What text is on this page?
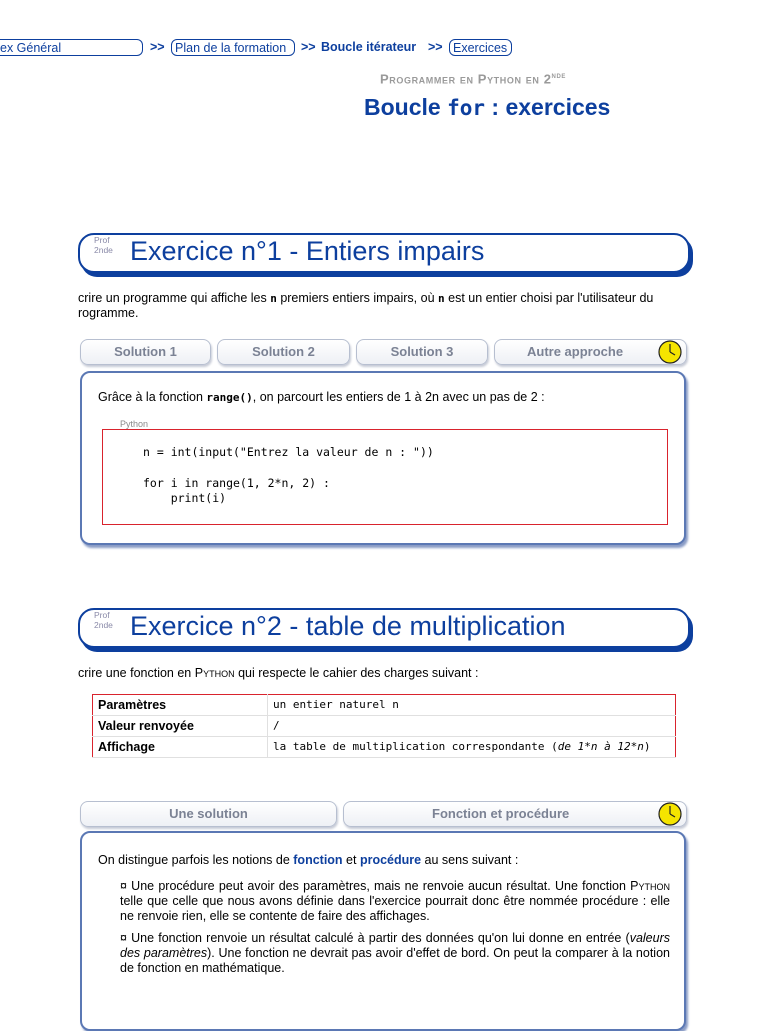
ex Général	>> Plan de la formation	>> Boucle itérateur >> Exercices
Programmer en Python en 2nde
Boucle for : exercices
Prof
2nde Exercice n°1 - Entiers impairs
crire un programme qui affiche les n premiers entiers impairs, où n est un entier choisi par l'utilisateur du
rogramme.
Solution 1	Solution 2	Solution 3	Autre approche
Grâce à la fonction range(), on parcourt les entiers de 1 à 2n avec un pas de 2 :
Python
n = int(input("Entrez la valeur de n : "))
for i in range(1, 2*n, 2) :
print(i)
Prof
2nde Exercice n°2 - table de multiplication
crire une fonction en Python qui respecte le cahier des charges suivant :
Paramètres	un entier naturel n
Valeur renvoyée	/
Affichage	la table de multiplication correspondante (de 1*n à 12*n)
Une solution	Fonction et procédure
On distingue parfois les notions de fonction et procédure au sens suivant :
¤ Une procédure peut avoir des paramètres, mais ne renvoie aucun résultat. Une fonction Python telle que celle que nous avons définie dans l'exercice pourrait donc être nommée procédure : elle ne renvoie rien, elle se contente de faire des affichages.
¤ Une fonction renvoie un résultat calculé à partir des données qu'on lui donne en entrée (valeurs des paramètres). Une fonction ne devrait pas avoir d'effet de bord. On peut la comparer à la notion de fonction en mathématique.
